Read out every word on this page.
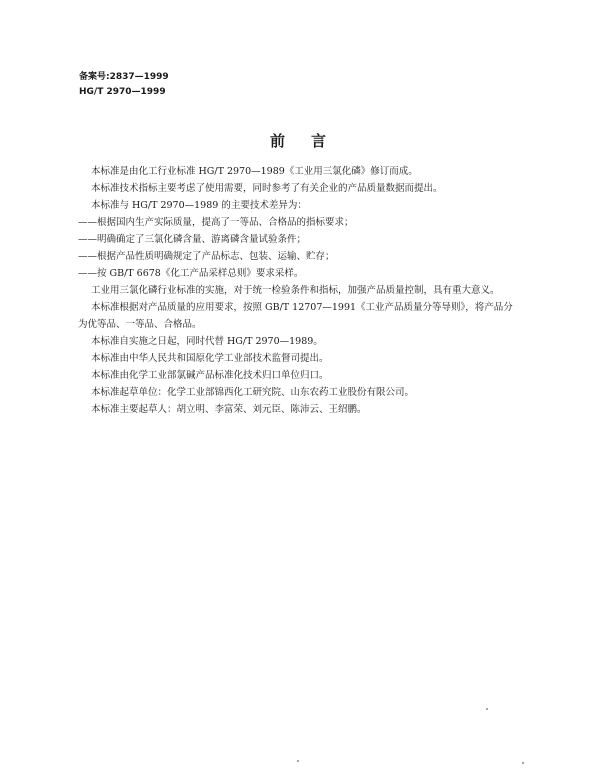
备案号:2837—1999
HG/T 2970—1999
前言

本标准是由化工行业标准 HG/T 2970—1989《工业用三氯化磷》修订而成。

本标准技术指标主要考虑了使用需要，同时参考了有关企业的产品质量数据而提出。

本标准与 HG/T 2970—1989 的主要技术差异为：

——根据国内生产实际质量，提高了一等品、合格品的指标要求；

——明确确定了三氯化磷含量、游离磷含量试验条件；

——根据产品性质明确规定了产品标志、包装、运输、贮存；

——按 GB/T 6678《化工产品采样总则》要求采样。

工业用三氯化磷行业标准的实施，对于统一检验条件和指标，加强产品质量控制，具有重大意义。

本标准根据对产品质量的应用要求，按照 GB/T 12707—1991《工业产品质量分等导则》，将产品分

为优等品、一等品、合格品。

本标准自实施之日起，同时代替 HG/T 2970—1989。

本标准由中华人民共和国原化学工业部技术监督司提出。

本标准由化学工业部氯碱产品标准化技术归口单位归口。

本标准起草单位：化学工业部锦西化工研究院、山东农药工业股份有限公司。

本标准主要起草人：胡立明、李富荣、刘元臣、陈沛云、王绍鹏。
